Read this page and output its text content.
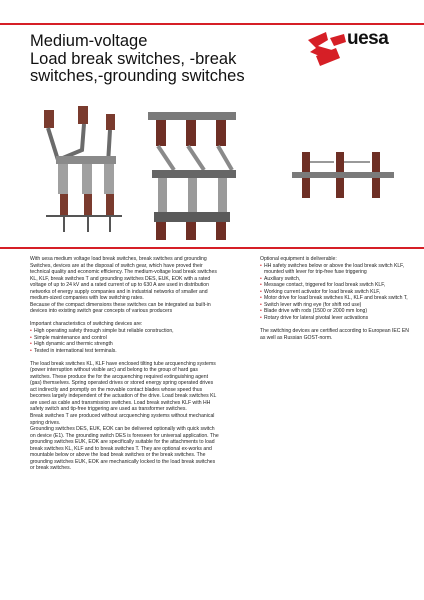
Medium-voltage
Load break switches, -break
switches,-grounding switches
uesa

With uesa medium voltage load break switches, break switches and grounding Switches, devices are at the disposal of switch gear, which have proved their technical quality and economic efficiency. The medium-voltage load break switches KL, KLF, break switches T and grounding switches DES, EUK, EOK with a rated voltage of up to 24 kV and a rated current of up to 630 A are used in distribution networks of energy supply companies and in industrial networks of smaller and medium-sized companies with low switching rates.

Because of the compact dimensions these switches can be integrated as built-in devices into existing switch gear concepts of various producers

Important characteristics of switching devices are:

• High operating safety through simple but reliable construction,
• Simple maintenance and control
• High dynamic and thermic strength
• Tested in international test terminals.

The load break switches KL, KLF have enclosed tilting tube arcquenching systems (power interruption without visible arc) and belong to the group of hard gas switches. These produce the for the arcquenching required extinguishing agent (gas) themselves. Spring operated drives or stored energy spring operated drives act indirectly and promptly on the movable contact blades whose speed thus becomes largely independent of the actuation of the drive. Load break switches KL are used as cable and transmission switches. Load break switches KLF with HH safety switch and tip-free triggering are used as transformer switches.

Break switches T are produced without arcquenching systems without mechanical spring drives.

Grounding switches DES, EUK, EOK can be delivered optionally with quick switch on device (E1). The grounding switch DES is foreseen for universal application. The grounding switches EUK, EOK are specifically suitable for the attachments to load break switches KL, KLF and to break switches T. They are optional ex-works and mountable below or above the load break switches or the break switches. The grounding switches EUK, EOK are mechanically locked to the load break switches or break switches.

Optional equipment is deliverable:

• HH safety switches below or above the load break switch KLF, mounted with lever for trip-free fuse triggering
• Auxiliary switch,
• Message contact, triggered for load break switch KLF,
• Working current activator for load break switch KLF,
• Motor drive for load break switches KL, KLF and break switch T,
• Switch lever with ring eye (for shift rod use)
• Blade drive with rods (1500 or 2000 mm long)
• Rotary drive for lateral pivotal lever activations

The switching devices are certified according to European IEC EN as well as Russian GOST-norm.
